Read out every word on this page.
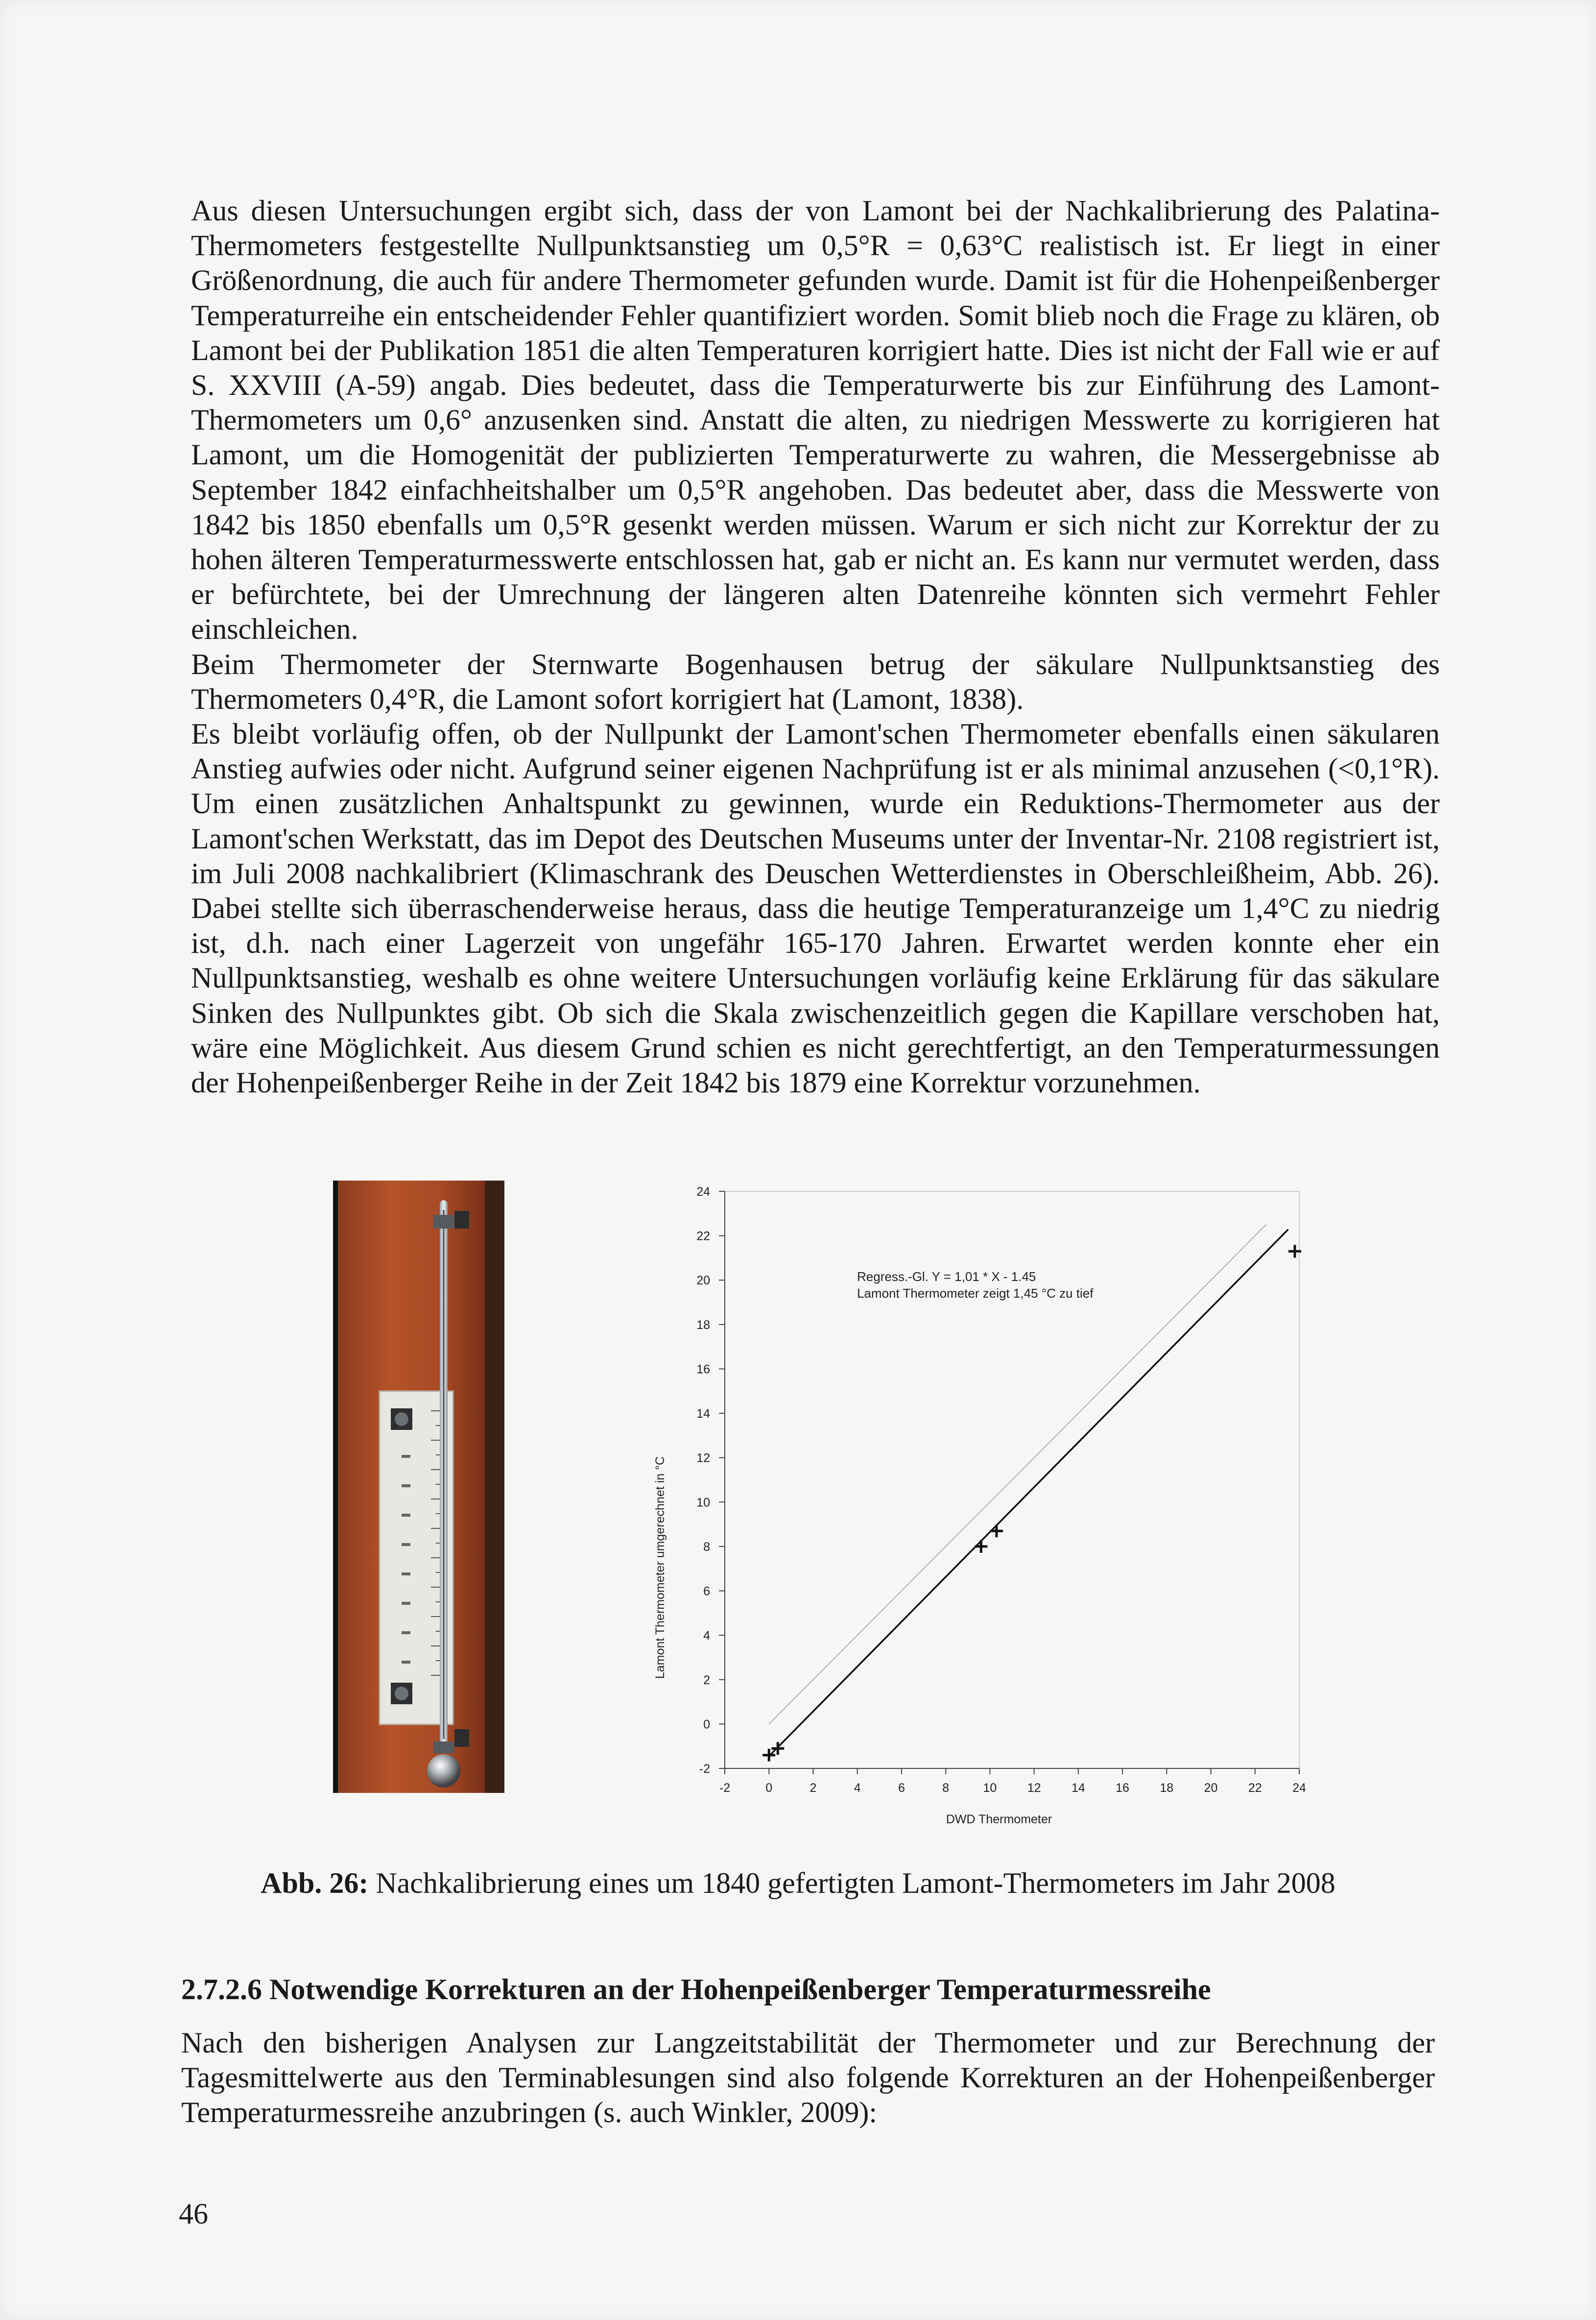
Aus diesen Untersuchungen ergibt sich, dass der von Lamont bei der Nachkalibrierung des Palatina-Thermometers festgestellte Nullpunktsanstieg um 0,5°R = 0,63°C realistisch ist. Er liegt in einer Größenordnung, die auch für andere Thermometer gefunden wurde. Damit ist für die Hohenpeißenberger Temperaturreihe ein entscheidender Fehler quantifiziert worden. Somit blieb noch die Frage zu klären, ob Lamont bei der Publikation 1851 die alten Temperaturen korrigiert hatte. Dies ist nicht der Fall wie er auf S. XXVIII (A-59) angab. Dies bedeutet, dass die Temperaturwerte bis zur Einführung des Lamont-Thermometers um 0,6° anzusenken sind. Anstatt die alten, zu niedrigen Messwerte zu korrigieren hat Lamont, um die Homogenität der publizierten Temperaturwerte zu wahren, die Messergebnisse ab September 1842 einfachheitshalber um 0,5°R angehoben. Das bedeutet aber, dass die Messwerte von 1842 bis 1850 ebenfalls um 0,5°R gesenkt werden müssen. Warum er sich nicht zur Korrektur der zu hohen älteren Temperaturmesswerte entschlossen hat, gab er nicht an. Es kann nur vermutet werden, dass er befürchtete, bei der Umrechnung der längeren alten Datenreihe könnten sich vermehrt Fehler einschleichen.

Beim Thermometer der Sternwarte Bogenhausen betrug der säkulare Nullpunktsanstieg des Thermometers 0,4°R, die Lamont sofort korrigiert hat (Lamont, 1838).

Es bleibt vorläufig offen, ob der Nullpunkt der Lamont'schen Thermometer ebenfalls einen säkularen Anstieg aufwies oder nicht. Aufgrund seiner eigenen Nachprüfung ist er als minimal anzusehen (<0,1°R). Um einen zusätzlichen Anhaltspunkt zu gewinnen, wurde ein Reduktions-Thermometer aus der Lamont'schen Werkstatt, das im Depot des Deutschen Museums unter der Inventar-Nr. 2108 registriert ist, im Juli 2008 nachkalibriert (Klimaschrank des Deuschen Wetterdienstes in Oberschleißheim, Abb. 26). Dabei stellte sich überraschenderweise heraus, dass die heutige Temperaturanzeige um 1,4°C zu niedrig ist, d.h. nach einer Lagerzeit von ungefähr 165-170 Jahren. Erwartet werden konnte eher ein Nullpunktsanstieg, weshalb es ohne weitere Untersuchungen vorläufig keine Erklärung für das säkulare Sinken des Nullpunktes gibt. Ob sich die Skala zwischenzeitlich gegen die Kapillare verschoben hat, wäre eine Möglichkeit. Aus diesem Grund schien es nicht gerechtfertigt, an den Temperaturmessungen der Hohenpeißenberger Reihe in der Zeit 1842 bis 1879 eine Korrektur vorzunehmen.

-2	0	2	4	6	8	10 12 14 16 18 20 22 24
-2
0
2
4
6
8
10
12
14
16
18
20
22
24
Regress.-Gl. Y = 1,01 * X - 1.45
Lamont Thermometer zeigt 1,45 °C zu tief
DWD Thermometer
Lamont Thermometer umgerechnet in °C
Abb. 26: Nachkalibrierung eines um 1840 gefertigten Lamont-Thermometers im Jahr 2008
2.7.2.6 Notwendige Korrekturen an der Hohenpeißenberger Temperaturmessreihe

Nach den bisherigen Analysen zur Langzeitstabilität der Thermometer und zur Berechnung der Tagesmittelwerte aus den Terminablesungen sind also folgende Korrekturen an der Hohenpeißenberger Temperaturmessreihe anzubringen (s. auch Winkler, 2009):

46
